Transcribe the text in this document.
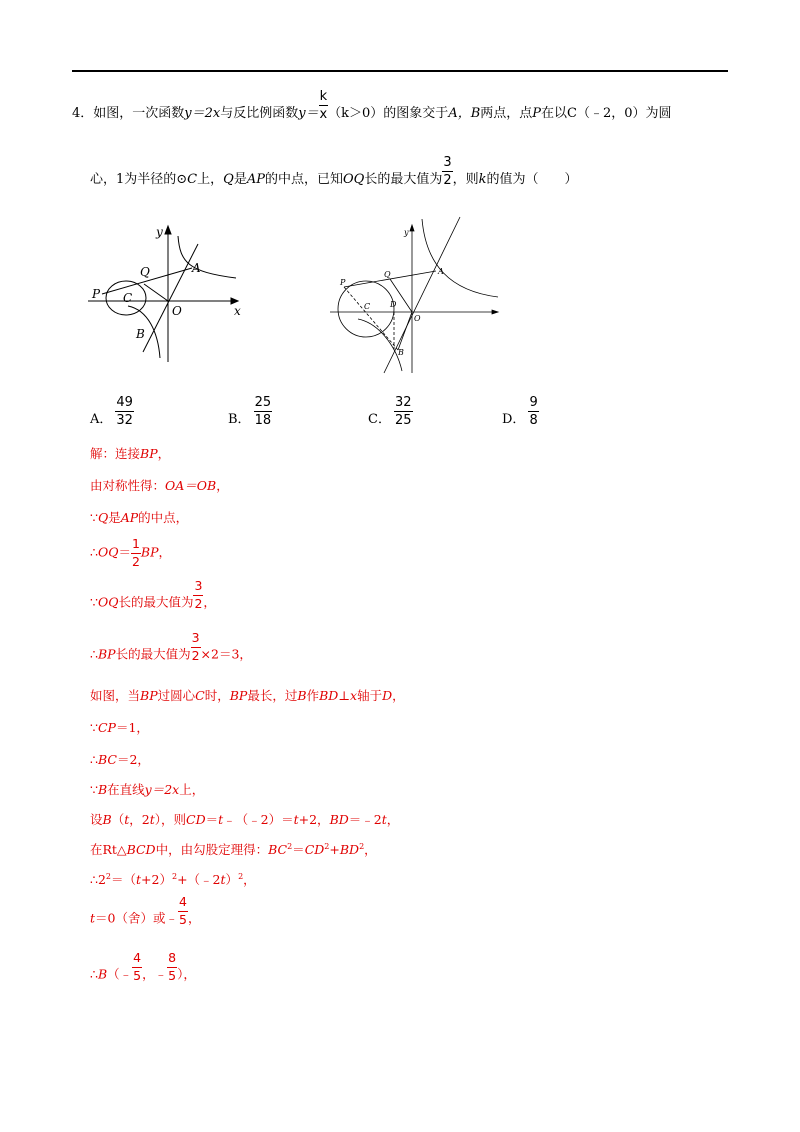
4．如图，一次函数y＝2x与反比例函数$y= \frac{k}{x} (k>0)$的图象交于A，B两点，点P在以C（﹣2，0）为圆
心，1为半径的⊙C上，Q是AP的中点，已知OQ长的最大值为 $\frac{3}{2}$ ，则k的值为（　　）
y
x
O
A
B
P C
Q
y
O
A
B
P
C
Q
D
A． $\frac{49}{32}$	B． $\frac{25}{18}$	C． $\frac{32}{25}$	D． $\frac{9}{8}$
解：连接BP，
由对称性得：OA＝OB，
∵Q是AP的中点，
∴OQ＝ $\frac{1}{2}$ BP，
∵OQ长的最大值为 $\frac{3}{2}$ ，
∴BP长的最大值为 $\frac{3}{2} \times 2=3$，
如图，当BP过圆心C时，BP最长，过B作BD⊥x轴于D，
∵CP＝1，
∴BC＝2，
∵B在直线y＝2x上，
设B（t，2t），则CD＝t﹣（﹣2）＝t+2，BD＝﹣2t，
在Rt△BCD中，由勾股定理得：$BC^2=CD^2+BD^2$，
$\therefore 2^2=(t+2)^2+(﹣2t)^2$，
t＝0（舍）或﹣ $\frac{4}{5}$ ，
∴B（﹣ $\frac{4}{5}$ ，﹣ $\frac{8}{5}$ ），
